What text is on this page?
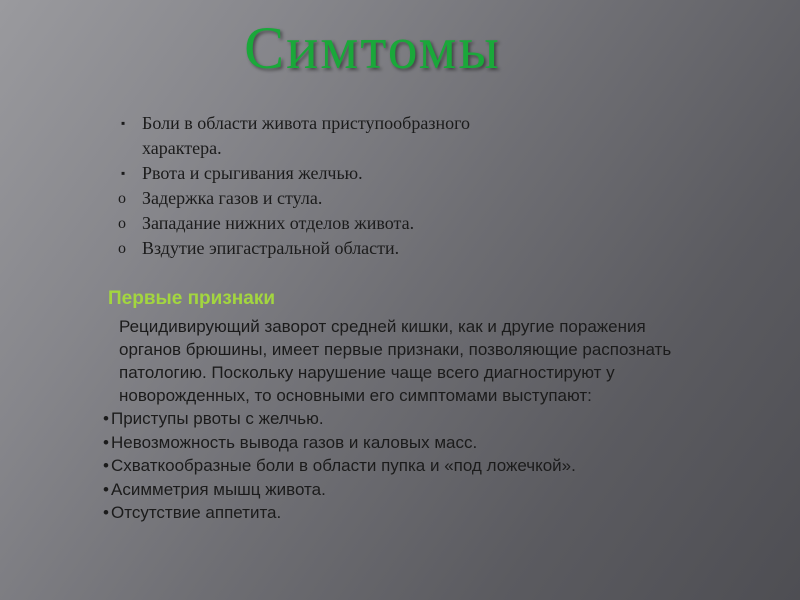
Симтомы
▪ Боли в области живота приступообразного
характера.
▪ Рвота и срыгивания желчью.
o Задержка газов и стула.
o Западание нижних отделов живота.
o Вздутие эпигастральной области.
Первые признаки
Рецидивирующий заворот средней кишки, как и другие поражения органов брюшины, имеет первые признаки, позволяющие распознать патологию. Поскольку нарушение чаще всего диагностируют у новорожденных, то основными его симптомами выступают:
• Приступы рвоты с желчью.
• Невозможность вывода газов и каловых масс.
• Схваткообразные боли в области пупка и «под ложечкой».
• Асимметрия мышц живота.
• Отсутствие аппетита.
